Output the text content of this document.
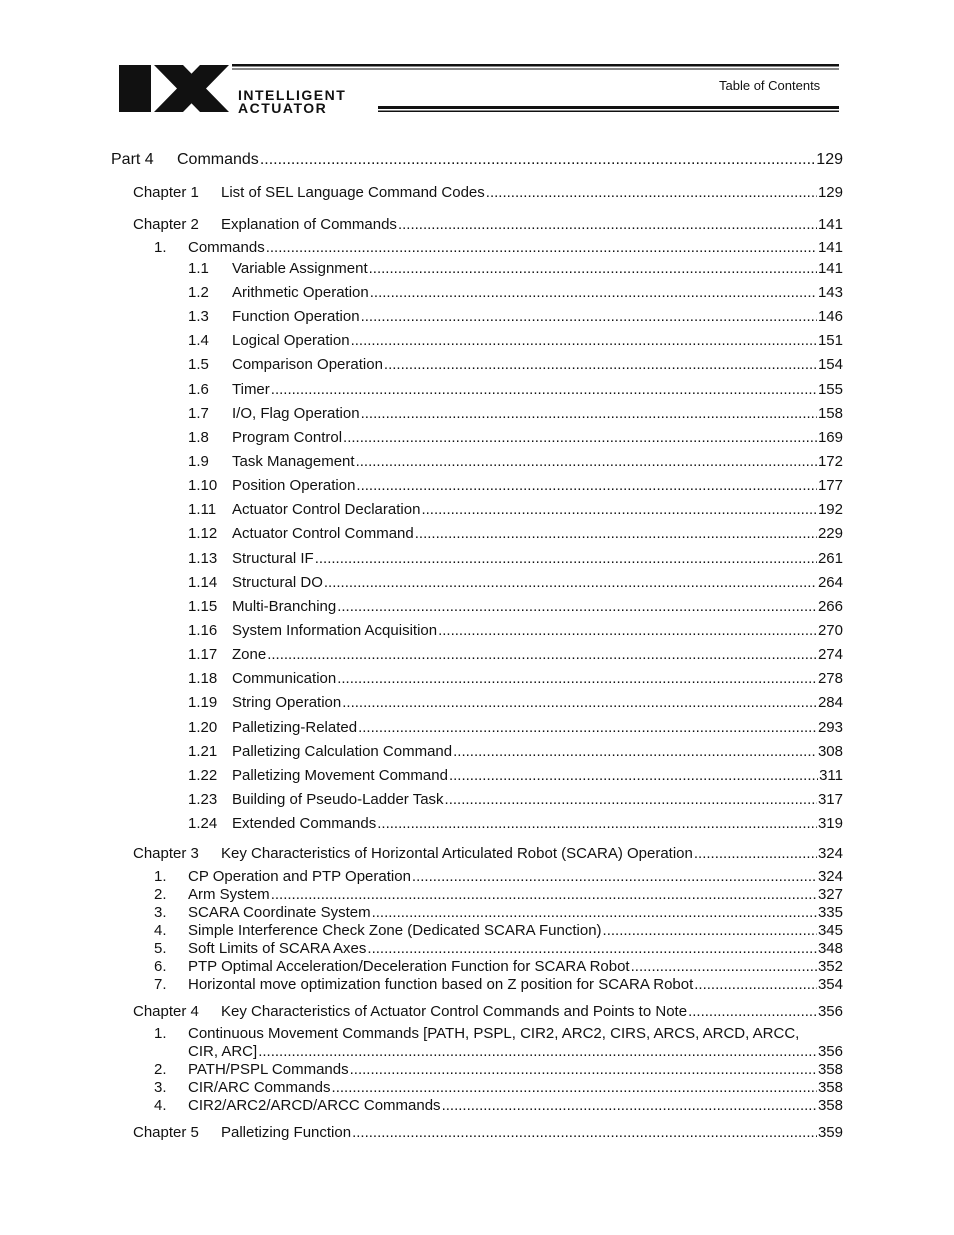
INTELLIGENT
ACTUATOR
Table of Contents
Part 4	Commands .....	129
Chapter 1	List of SEL Language Command Codes .....	129
Chapter 2	Explanation of Commands .....	141
1.	Commands .....	141
1.1	Variable Assignment .....	141
1.2	Arithmetic Operation .....	143
1.3	Function Operation .....	146
1.4	Logical Operation .....	151
1.5	Comparison Operation .....	154
1.6	Timer .....	155
1.7	I/O, Flag Operation .....	158
1.8	Program Control .....	169
1.9	Task Management .....	172
1.10 Position Operation .....	177
1.11	Actuator Control Declaration .....	192
1.12 Actuator Control Command .....	229
1.13 Structural IF .....	261
1.14 Structural DO .....	264
1.15 Multi-Branching .....	266
1.16 System Information Acquisition .....	270
1.17 Zone .....	274
1.18 Communication .....	278
1.19 String Operation .....	284
1.20 Palletizing-Related .....	293
1.21 Palletizing Calculation Command .....	308
1.22 Palletizing Movement Command .....	311
1.23 Building of Pseudo-Ladder Task .....	317
1.24 Extended Commands .....	319
Chapter 3	Key Characteristics of Horizontal Articulated Robot (SCARA) Operation .....	324
1.	CP Operation and PTP Operation .....	324
2.	Arm System .....	327
3.	SCARA Coordinate System .....	335
4.	Simple Interference Check Zone (Dedicated SCARA Function) .....	345
5.	Soft Limits of SCARA Axes .....	348
6.	PTP Optimal Acceleration/Deceleration Function for SCARA Robot .....	352
7.	Horizontal move optimization function based on Z position for SCARA Robot .....	354
Chapter 4	Key Characteristics of Actuator Control Commands and Points to Note .....	356
1.	Continuous Movement Commands [PATH, PSPL, CIR2, ARC2, CIRS, ARCS, ARCD, ARCC,
CIR, ARC] .....	356
2.	PATH/PSPL Commands .....	358
3.	CIR/ARC Commands .....	358
4.	CIR2/ARC2/ARCD/ARCC Commands .....	358
Chapter 5	Palletizing Function .....	359
